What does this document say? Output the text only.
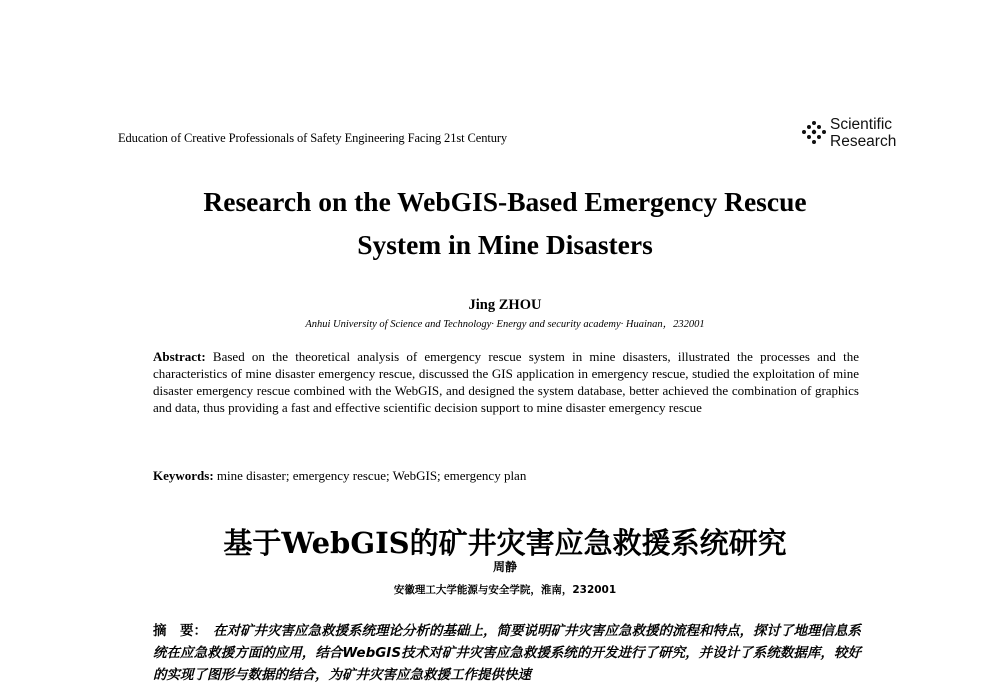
Education of Creative Professionals of Safety Engineering Facing 21st Century
Scientific
Research
Research on the WebGIS-Based Emergency Rescue
System in Mine Disasters
Jing ZHOU
Anhui University of Science and Technology· Energy and security academy· Huainan，232001
Abstract: Based on the theoretical analysis of emergency rescue system in mine disasters, illustrated the processes and the characteristics of mine disaster emergency rescue, discussed the GIS application in emergency rescue, studied the exploitation of mine disaster emergency rescue combined with the WebGIS, and designed the system database, better achieved the combination of graphics and data, thus providing a fast and effective scientific decision support to mine disaster emergency rescue
Keywords: mine disaster; emergency rescue; WebGIS; emergency plan
基于WebGIS的矿井灾害应急救援系统研究
周静
安徽理工大学能源与安全学院，淮南，232001
摘　要： 在对矿井灾害应急救援系统理论分析的基础上，简要说明矿井灾害应急救援的流程和特点，探讨了地理信息系统在应急救援方面的应用，结合WebGIS技术对矿井灾害应急救援系统的开发进行了研究，并设计了系统数据库，较好的实现了图形与数据的结合，为矿井灾害应急救援工作提供快速
